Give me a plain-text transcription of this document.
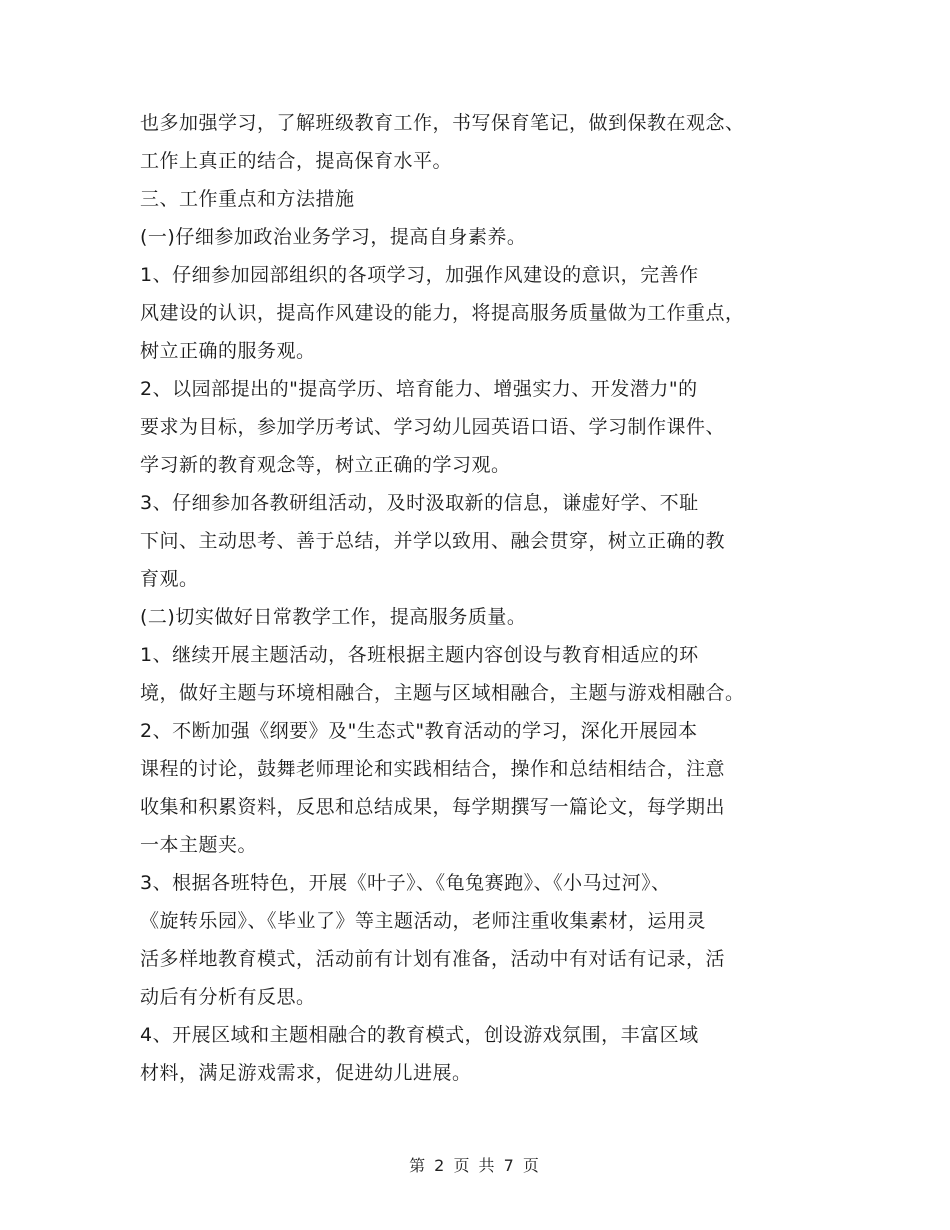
也多加强学习，了解班级教育工作，书写保育笔记，做到保教在观念、
工作上真正的结合，提高保育水平。

三、工作重点和方法措施

(一)仔细参加政治业务学习，提高自身素养。

1、仔细参加园部组织的各项学习，加强作风建设的意识，完善作
风建设的认识，提高作风建设的能力，将提高服务质量做为工作重点，
树立正确的服务观。

2、以园部提出的"提高学历、培育能力、增强实力、开发潜力"的
要求为目标，参加学历考试、学习幼儿园英语口语、学习制作课件、
学习新的教育观念等，树立正确的学习观。

3、仔细参加各教研组活动，及时汲取新的信息，谦虚好学、不耻
下问、主动思考、善于总结，并学以致用、融会贯穿，树立正确的教
育观。

(二)切实做好日常教学工作，提高服务质量。

1、继续开展主题活动，各班根据主题内容创设与教育相适应的环
境，做好主题与环境相融合，主题与区域相融合，主题与游戏相融合。

2、不断加强《纲要》及"生态式"教育活动的学习，深化开展园本
课程的讨论，鼓舞老师理论和实践相结合，操作和总结相结合，注意
收集和积累资料，反思和总结成果，每学期撰写一篇论文，每学期出
一本主题夹。

3、根据各班特色，开展《叶子》、《龟兔赛跑》、《小马过河》、
《旋转乐园》、《毕业了》等主题活动，老师注重收集素材，运用灵
活多样地教育模式，活动前有计划有准备，活动中有对话有记录，活
动后有分析有反思。

4、开展区域和主题相融合的教育模式，创设游戏氛围，丰富区域
材料，满足游戏需求，促进幼儿进展。

第 2 页 共 7 页
